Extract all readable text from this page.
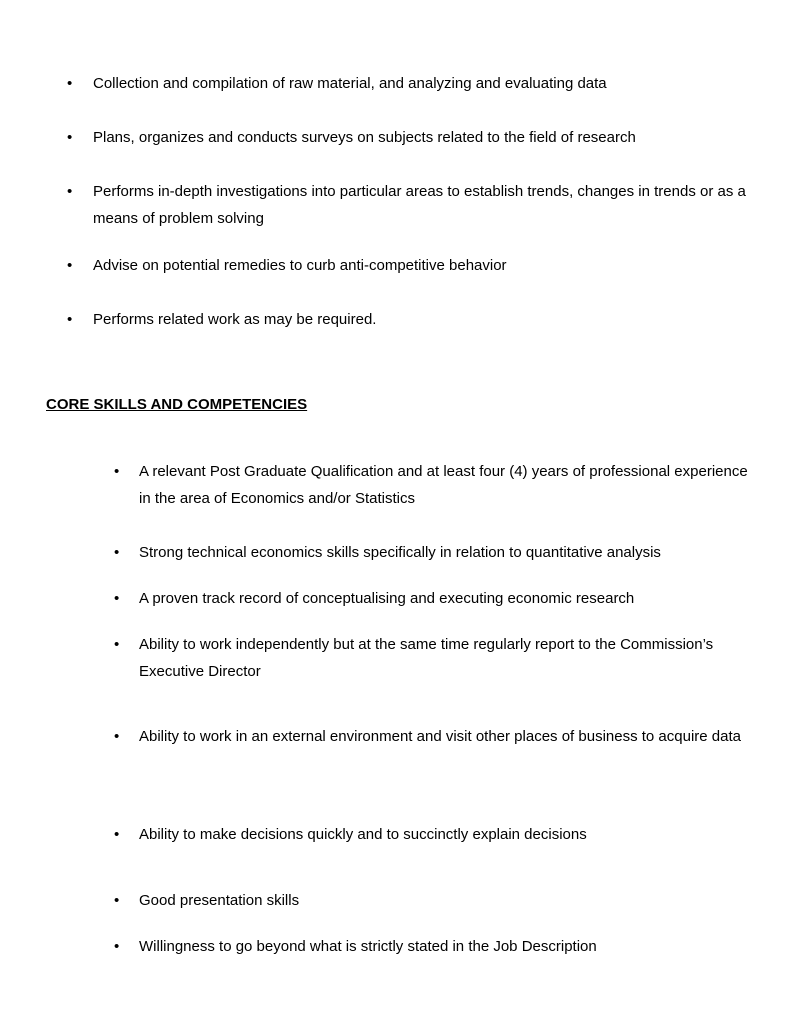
• Collection and compilation of raw material, and analyzing and evaluating data

• Plans, organizes and conducts surveys on subjects related to the field of research

• Performs in-depth investigations into particular areas to establish trends, changes in trends or as a means of problem solving

• Advise on potential remedies to curb anti-competitive behavior

• Performs related work as may be required.

CORE SKILLS AND COMPETENCIES
• A relevant Post Graduate Qualification and at least four (4) years of professional experience in the area of Economics and/or Statistics

• Strong technical economics skills specifically in relation to quantitative analysis

• A proven track record of conceptualising and executing economic research

• Ability to work independently but at the same time regularly report to the Commission’s Executive Director

• Ability to work in an external environment and visit other places of business to acquire data

• Ability to make decisions quickly and to succinctly explain decisions

• Good presentation skills

• Willingness to go beyond what is strictly stated in the Job Description
